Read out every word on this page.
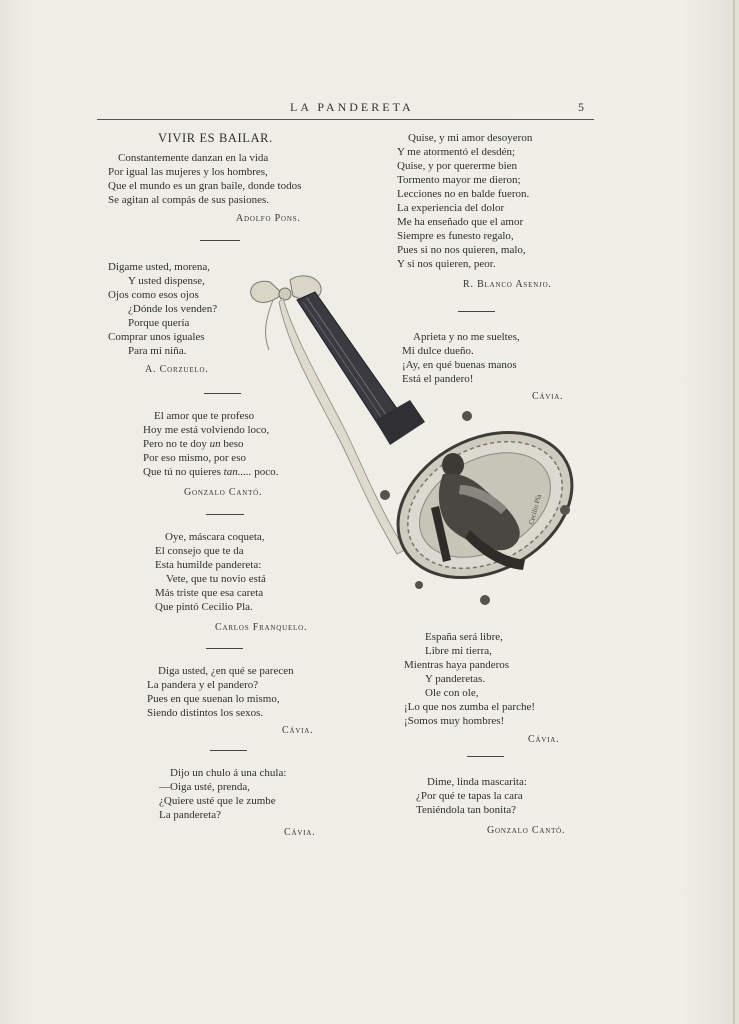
LA PANDERETA	5
VIVIR ES BAILAR.
Constantemente danzan en la vida
Por igual las mujeres y los hombres,
Que el mundo es un gran baile, donde todos
Se agitan al compás de sus pasiones.
Adolfo Pons.
Digame usted, morena,
Y usted dispense,
Ojos como esos ojos
¿Dónde los venden?
Porque quería
Comprar unos iguales
Para mi niña.
A. Corzuelo.
El amor que te profeso
Hoy me está volviendo loco,
Pero no te doy un beso
Por eso mismo, por eso
Que tú no quieres tan..... poco.
Gonzalo Cantó.
Oye, máscara coqueta,
El consejo que te da
Esta humilde pandereta:
Vete, que tu novio está
Más triste que esa careta
Que pintó Cecilio Pla.
Carlos Franquelo.
Diga usted, ¿en qué se parecen
La pandera y el pandero?
Pues en que suenan lo mismo,
Siendo distintos los sexos.
Cávia.
Dijo un chulo á una chula:
—Oiga usté, prenda,
¿Quiere usté que le zumbe
La pandereta?
Cávia.
Quise, y mi amor desoyeron
Y me atormentó el desdén;
Quise, y por quererme bien
Tormento mayor me dieron;
Lecciones no en balde fueron.
La experiencia del dolor
Me ha enseñado que el amor
Siempre es funesto regalo,
Pues si no nos quieren, malo,
Y si nos quieren, peor.
R. Blanco Asenjo.
Aprieta y no me sueltes,
Mi dulce dueño.
¡Ay, en qué buenas manos
Está el pandero!
Cávia.
España será libre,
Libre mi tierra,
Mientras haya panderos
Y panderetas.
Ole con ole,
¡Lo que nos zumba el parche!
¡Somos muy hombres!
Cávia.
Dime, linda mascarita:
¿Por qué te tapas la cara
Teniéndola tan bonita?
Gonzalo Cantó.
Cecilio Pla
